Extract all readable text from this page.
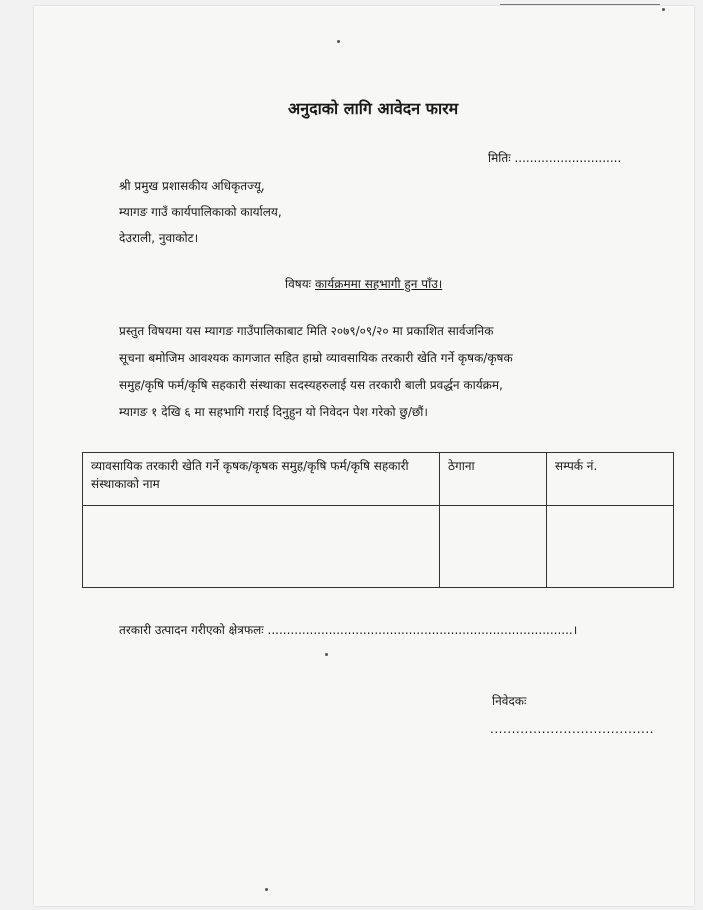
अनुदाको लागि आवेदन फारम
मितिः ............................
श्री प्रमुख प्रशासकीय अधिकृतज्यू,
म्यागङ गाउँ कार्यपालिकाको कार्यालय,
देउराली, नुवाकोट।
विषयः कार्यक्रममा सहभागी हुन पाँउ।
प्रस्तुत विषयमा यस म्यागङ गाउँपालिकाबाट मिति २०७९/०९/२० मा प्रकाशित सार्वजनिक
सूचना बमोजिम आवश्यक कागजात सहित हाम्रो व्यावसायिक तरकारी खेति गर्ने कृषक/कृषक
समुह/कृषि फर्म/कृषि सहकारी संस्थाका सदस्यहरुलाई यस तरकारी बाली प्रवर्द्धन कार्यक्रम,
म्यागङ १ देखि ६ मा सहभागि गराई दिनुहुन यो निवेदन पेश गरेको छु/छौं।
व्यावसायिक तरकारी खेति गर्ने कृषक/कृषक समुह/कृषि फर्म/कृषि सहकारी संस्थाकाको नाम	ठेगाना	सम्पर्क नं.

तरकारी उत्पादन गरीएको क्षेत्रफलः ................................................................................।
निवेदकः
......................................
